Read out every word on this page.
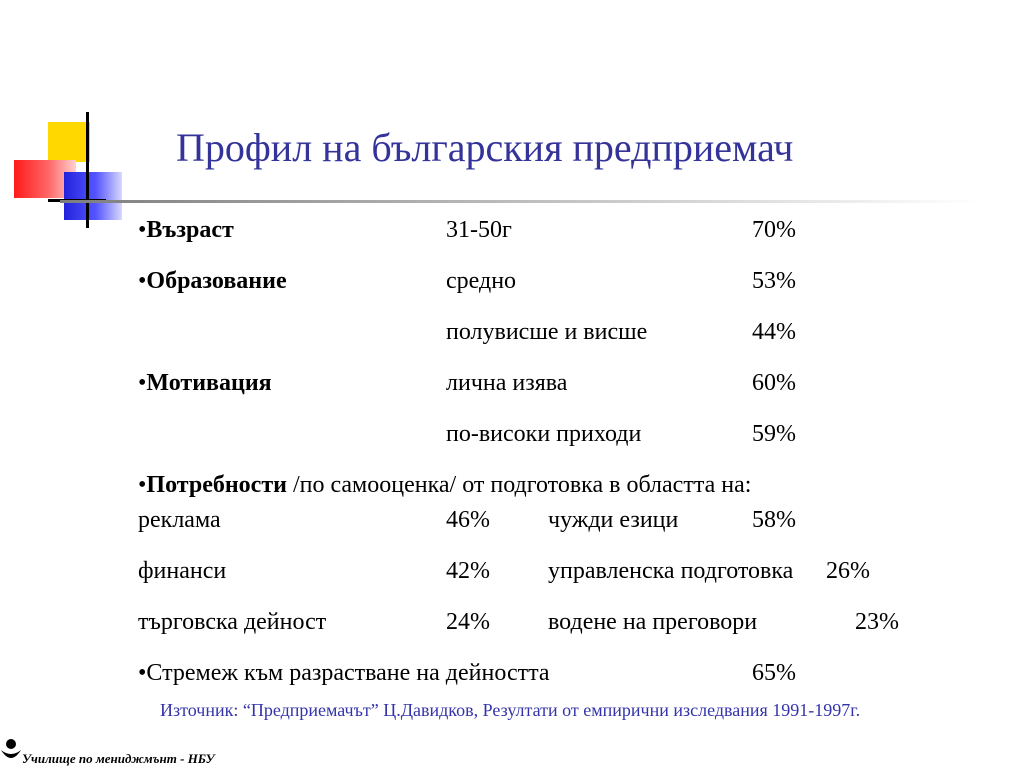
Профил на българския предприемач
•Възраст	31-50г	70%
•Образование	средно	53%
полувисше и висше	44%
•Мотивация	лична изява	60%
по-високи приходи	59%
•Потребности /по самооценка/ от подготовка в областта на:
реклама	46% чужди езици	58%
финанси	42% управленска подготовка 26%
търговска дейност	24% водене на преговори	23%
•Стремеж към разрастване на дейността	65%
Източник: “Предприемачът” Ц.Давидков, Резултати от емпирични изследвания 1991-1997г.
Училище по мениджмънт - НБУ
